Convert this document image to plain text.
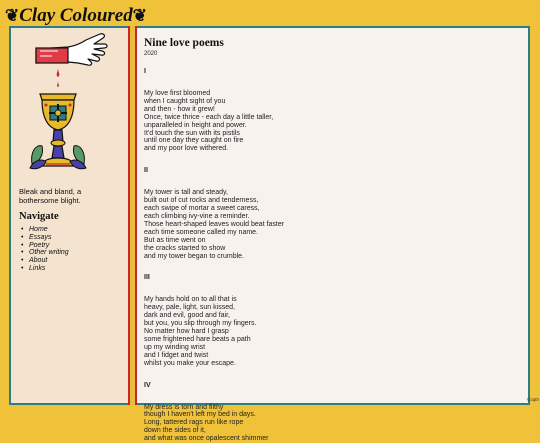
❦Clay Coloured❦

Bleak and bland, a bothersome blight.

Navigate
• Home
• Essays
• Poetry
• Other writing
• About
• Links
Nine love poems
2020
I
My love first bloomed
when I caught sight of you
and then - how it grew!
Once, twice thrice - each day a little taller,
unparalleled in height and power.
It'd touch the sun with its pistils
until one day they caught on fire
and my poor love withered.
II
My tower is tall and steady,
built out of cut rocks and tenderness,
each swipe of mortar a sweet caress,
each climbing ivy-vine a reminder.
Those heart-shaped leaves would beat faster
each time someone called my name.
But as time went on
the cracks started to show
and my tower began to crumble.
III
My hands hold on to all that is
heavy, pale, light, sun kissed,
dark and evil, good and fair,
but you, you slip through my fingers.
No matter how hard I grasp
some frightened hare beats a path
up my winding wrist
and I fidget and twist
whilst you make your escape.
IV
My dress is torn and filthy
though I haven't left my bed in days.
Long, tattered rags run like rope
down the sides of it,
and what was once opalescent shimmer
©oqth
